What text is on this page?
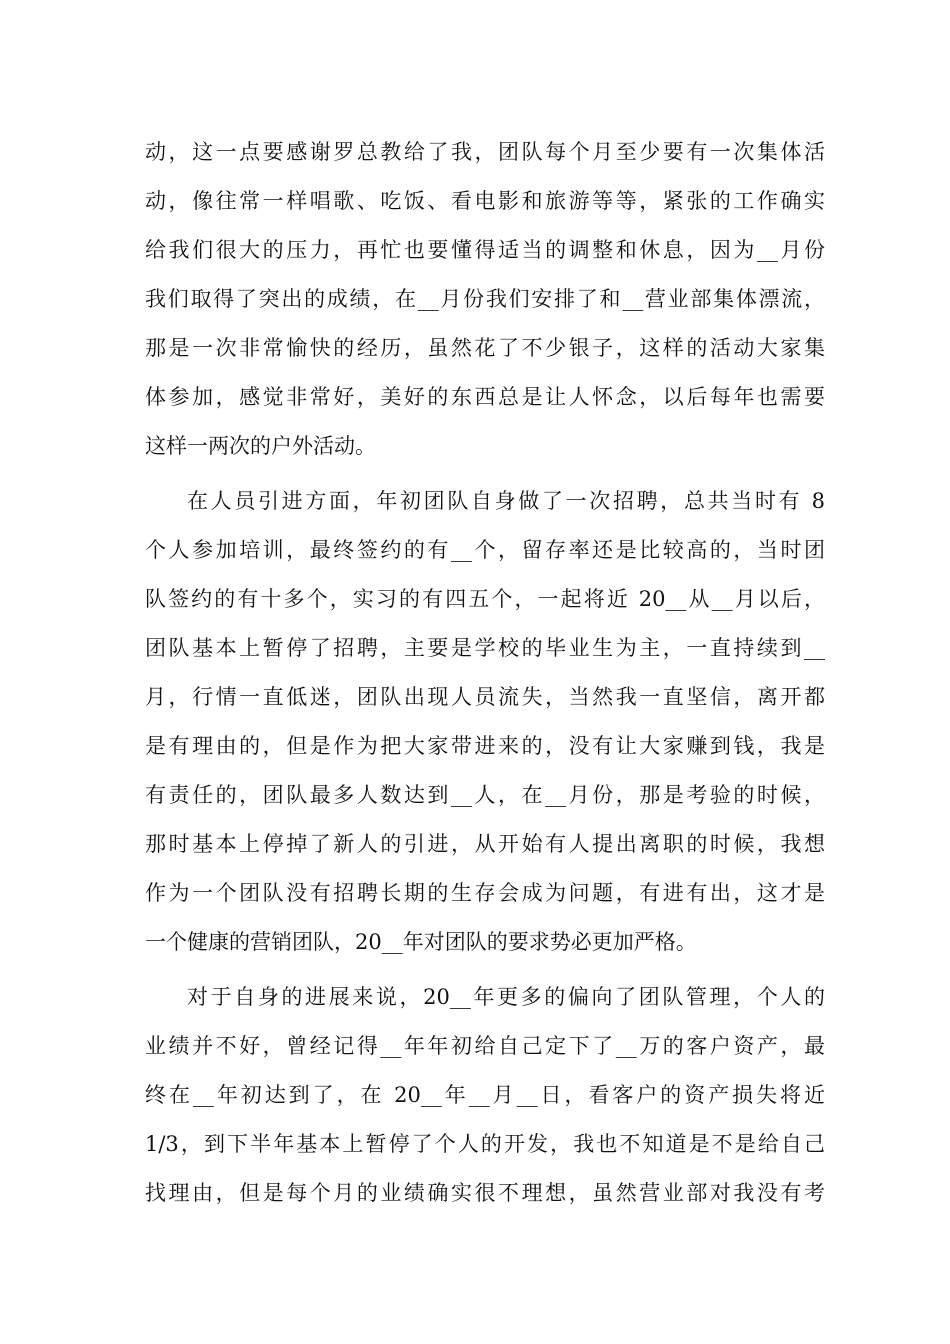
动，这一点要感谢罗总教给了我，团队每个月至少要有一次集体活
动，像往常一样唱歌、吃饭、看电影和旅游等等，紧张的工作确实
给我们很大的压力，再忙也要懂得适当的调整和休息，因为__月份
我们取得了突出的成绩，在__月份我们安排了和__营业部集体漂流，
那是一次非常愉快的经历，虽然花了不少银子，这样的活动大家集
体参加，感觉非常好，美好的东西总是让人怀念，以后每年也需要
这样一两次的户外活动。
在人员引进方面，年初团队自身做了一次招聘，总共当时有 8
个人参加培训，最终签约的有__个，留存率还是比较高的，当时团
队签约的有十多个，实习的有四五个，一起将近 20__从__月以后，
团队基本上暂停了招聘，主要是学校的毕业生为主，一直持续到__
月，行情一直低迷，团队出现人员流失，当然我一直坚信，离开都
是有理由的，但是作为把大家带进来的，没有让大家赚到钱，我是
有责任的，团队最多人数达到__人，在__月份，那是考验的时候，
那时基本上停掉了新人的引进，从开始有人提出离职的时候，我想
作为一个团队没有招聘长期的生存会成为问题，有进有出，这才是
一个健康的营销团队，20__年对团队的要求势必更加严格。
对于自身的进展来说，20__年更多的偏向了团队管理，个人的
业绩并不好，曾经记得__年年初给自己定下了__万的客户资产，最
终在__年初达到了，在 20__年__月__日，看客户的资产损失将近
1/3，到下半年基本上暂停了个人的开发，我也不知道是不是给自己
找理由，但是每个月的业绩确实很不理想，虽然营业部对我没有考
